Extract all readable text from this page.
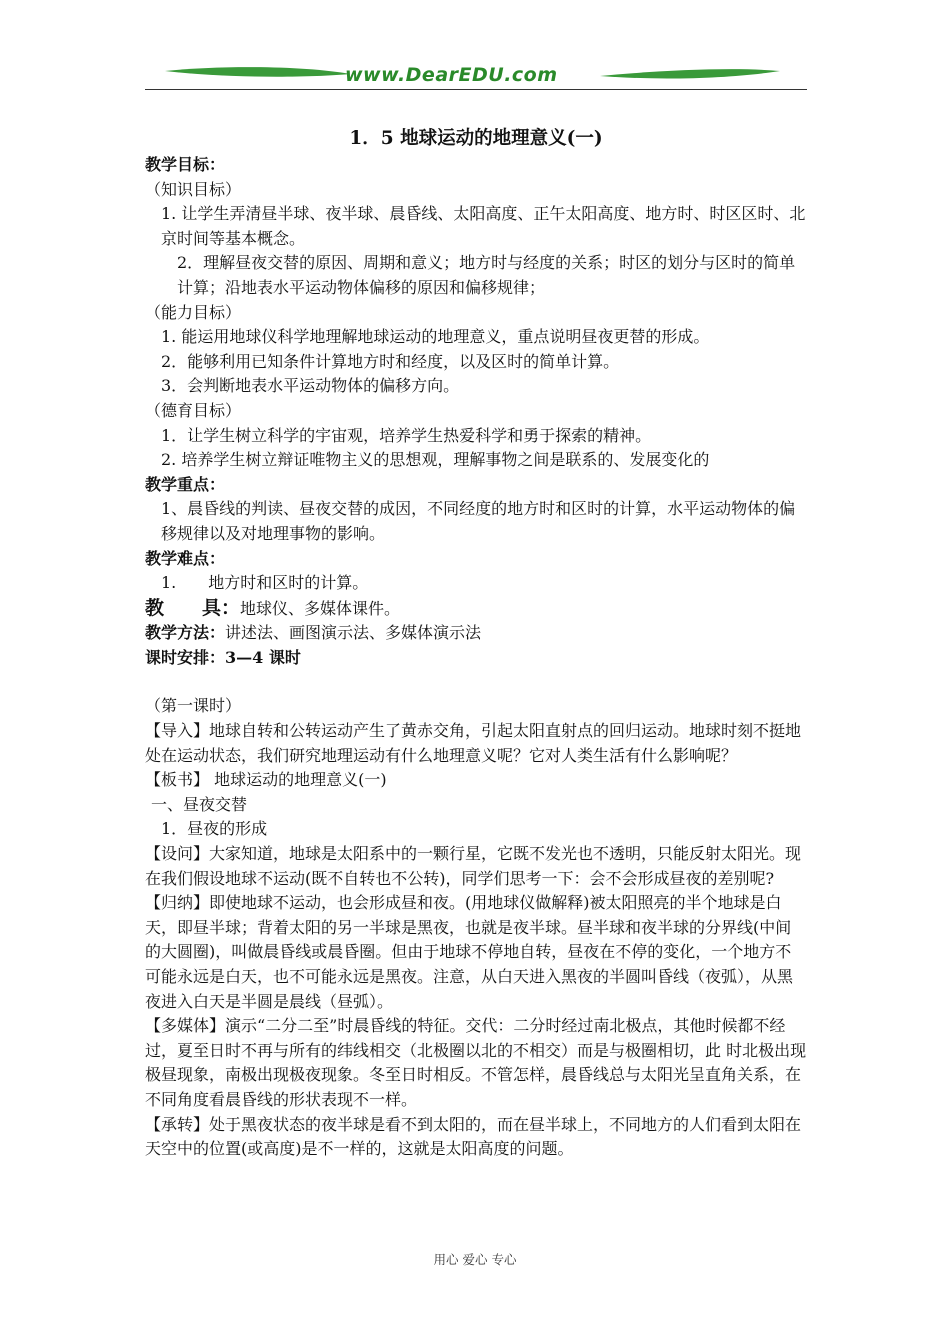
www.DearEDU.com

1．5 地球运动的地理意义(一)

教学目标：

（知识目标）

1. 让学生弄清昼半球、夜半球、晨昏线、太阳高度、正午太阳高度、地方时、时区区时、北京时间等基本概念。

2．理解昼夜交替的原因、周期和意义；地方时与经度的关系；时区的划分与区时的简单计算；沿地表水平运动物体偏移的原因和偏移规律；

（能力目标）

1. 能运用地球仪科学地理解地球运动的地理意义，重点说明昼夜更替的形成。

2．能够利用已知条件计算地方时和经度，以及区时的简单计算。

3．会判断地表水平运动物体的偏移方向。

（德育目标）

1．让学生树立科学的宇宙观，培养学生热爱科学和勇于探索的精神。

2. 培养学生树立辩证唯物主义的思想观，理解事物之间是联系的、发展变化的

教学重点：

1、晨昏线的判读、昼夜交替的成因，不同经度的地方时和区时的计算，水平运动物体的偏移规律以及对地理事物的影响。

教学难点：

1.　　地方时和区时的计算。

教　　具：地球仪、多媒体课件。

教学方法：讲述法、画图演示法、多媒体演示法

课时安排：3—4 课时

（第一课时）

【导入】地球自转和公转运动产生了黄赤交角，引起太阳直射点的回归运动。地球时刻不挺地处在运动状态，我们研究地理运动有什么地理意义呢？它对人类生活有什么影响呢？

【板书】 地球运动的地理意义(一)

一、昼夜交替

1．昼夜的形成

【设问】大家知道，地球是太阳系中的一颗行星，它既不发光也不透明，只能反射太阳光。现在我们假设地球不运动(既不自转也不公转)，同学们思考一下：会不会形成昼夜的差别呢?

【归纳】即使地球不运动，也会形成昼和夜。(用地球仪做解释)被太阳照亮的半个地球是白天，即昼半球；背着太阳的另一半球是黑夜，也就是夜半球。昼半球和夜半球的分界线(中间的大圆圈)，叫做晨昏线或晨昏圈。但由于地球不停地自转，昼夜在不停的变化，一个地方不可能永远是白天，也不可能永远是黑夜。注意，从白天进入黑夜的半圆叫昏线（夜弧），从黑夜进入白天是半圆是晨线（昼弧）。

【多媒体】演示“二分二至”时晨昏线的特征。交代：二分时经过南北极点，其他时候都不经过，夏至日时不再与所有的纬线相交（北极圈以北的不相交）而是与极圈相切，此 时北极出现极昼现象，南极出现极夜现象。冬至日时相反。不管怎样，晨昏线总与太阳光呈直角关系，在不同角度看晨昏线的形状表现不一样。

【承转】处于黑夜状态的夜半球是看不到太阳的，而在昼半球上，不同地方的人们看到太阳在天空中的位置(或高度)是不一样的，这就是太阳高度的问题。

用心 爱心 专心
